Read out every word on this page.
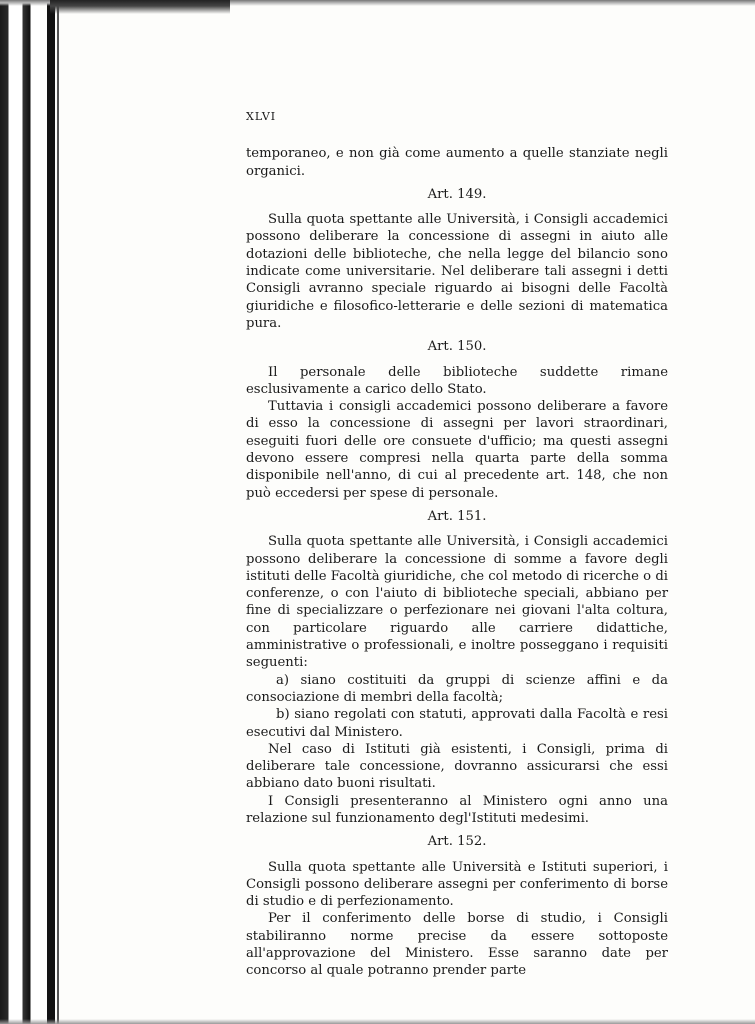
XLVI

temporaneo, e non già come aumento a quelle stanziate negli organici.

Art. 149.

Sulla quota spettante alle Università, i Consigli accademici possono deliberare la concessione di assegni in aiuto alle dotazioni delle biblioteche, che nella legge del bilancio sono indicate come universitarie. Nel deliberare tali assegni i detti Consigli avranno speciale riguardo ai bisogni delle Facoltà giuridiche e filosofico-letterarie e delle sezioni di matematica pura.

Art. 150.

Il personale delle biblioteche suddette rimane esclusivamente a carico dello Stato.

Tuttavia i consigli accademici possono deliberare a favore di esso la concessione di assegni per lavori straordinari, eseguiti fuori delle ore consuete d'ufficio; ma questi assegni devono essere compresi nella quarta parte della somma disponibile nell'anno, di cui al precedente art. 148, che non può eccedersi per spese di personale.

Art. 151.

Sulla quota spettante alle Università, i Consigli accademici possono deliberare la concessione di somme a favore degli istituti delle Facoltà giuridiche, che col metodo di ricerche o di conferenze, o con l'aiuto di biblioteche speciali, abbiano per fine di specializzare o perfezionare nei giovani l'alta coltura, con particolare riguardo alle carriere didattiche, amministrative o professionali, e inoltre posseggano i requisiti seguenti:

a) siano costituiti da gruppi di scienze affini e da consociazione di membri della facoltà;

b) siano regolati con statuti, approvati dalla Facoltà e resi esecutivi dal Ministero.

Nel caso di Istituti già esistenti, i Consigli, prima di deliberare tale concessione, dovranno assicurarsi che essi abbiano dato buoni risultati.

I Consigli presenteranno al Ministero ogni anno una relazione sul funzionamento degl'Istituti medesimi.

Art. 152.

Sulla quota spettante alle Università e Istituti superiori, i Consigli possono deliberare assegni per conferimento di borse di studio e di perfezionamento.

Per il conferimento delle borse di studio, i Consigli stabiliranno norme precise da essere sottoposte all'approvazione del Ministero. Esse saranno date per concorso al quale potranno prender parte
